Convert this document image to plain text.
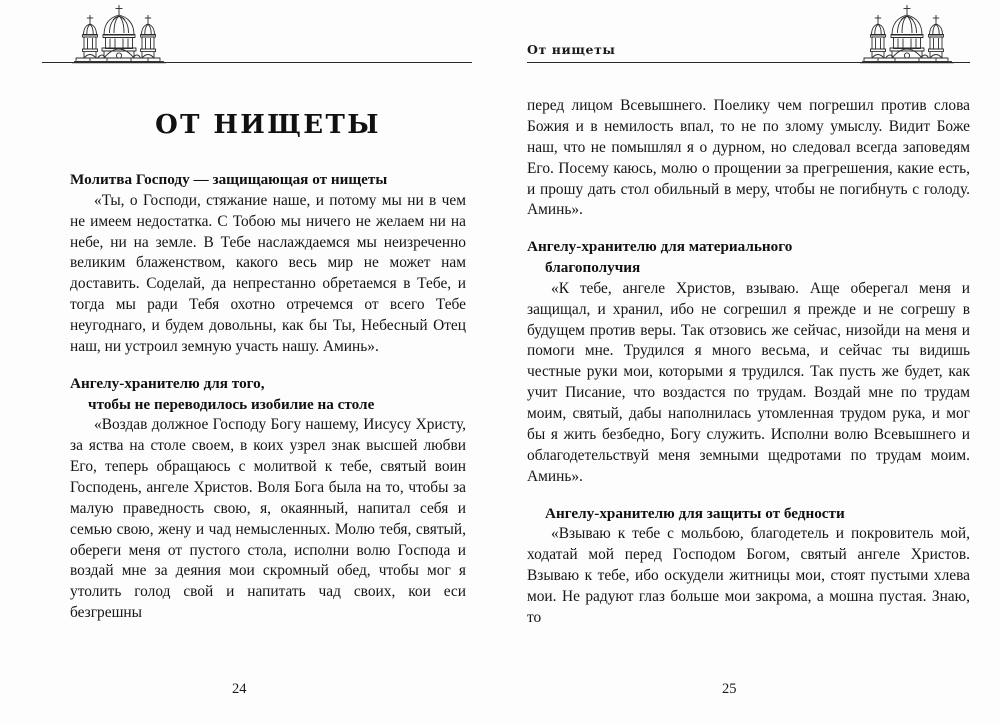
ОТ НИЩЕТЫ
Молитва Господу — защищающая от нищеты

«Ты, о Господи, стяжание наше, и потому мы ни в чем не имеем недостатка. С Тобою мы ничего не желаем ни на небе, ни на земле. В Тебе наслаждаемся мы неизреченно великим блаженством, какого весь мир не может нам доставить. Соделай, да непрестанно обретаемся в Тебе, и тогда мы ради Тебя охотно отречемся от всего Тебе неугоднаго, и будем довольны, как бы Ты, Небесный Отец наш, ни устроил земную участь нашу. Аминь».

Ангелу-хранителю для того,
чтобы не переводилось изобилие на столе

«Воздав должное Господу Богу нашему, Иисусу Христу, за яства на столе своем, в коих узрел знак высшей любви Его, теперь обращаюсь с молитвой к тебе, святый воин Господень, ангеле Христов. Воля Бога была на то, чтобы за малую праведность свою, я, окаянный, напитал себя и семью свою, жену и чад немысленных. Молю тебя, святый, обереги меня от пустого стола, исполни волю Господа и воздай мне за деяния мои скромный обед, чтобы мог я утолить голод свой и напитать чад своих, кои еси безгрешны

24
От нищеты

перед лицом Всевышнего. Поелику чем погрешил против слова Божия и в немилость впал, то не по злому умыслу. Видит Боже наш, что не помышлял я о дурном, но следовал всегда заповедям Его. Посему каюсь, молю о прощении за прегрешения, какие есть, и прошу дать стол обильный в меру, чтобы не погибнуть с голоду. Аминь».

Ангелу-хранителю для материального
благополучия

«К тебе, ангеле Христов, взываю. Аще оберегал меня и защищал, и хранил, ибо не согрешил я прежде и не согрешу в будущем против веры. Так отзовись же сейчас, низойди на меня и помоги мне. Трудился я много весьма, и сейчас ты видишь честные руки мои, которыми я трудился. Так пусть же будет, как учит Писание, что воздастся по трудам. Воздай мне по трудам моим, святый, дабы наполнилась утомленная трудом рука, и мог бы я жить безбедно, Богу служить. Исполни волю Всевышнего и облагодетельствуй меня земными щедротами по трудам моим. Аминь».

Ангелу-хранителю для защиты от бедности

«Взываю к тебе с мольбою, благодетель и покровитель мой, ходатай мой перед Господом Богом, святый ангеле Христов. Взываю к тебе, ибо оскудели житницы мои, стоят пустыми хлева мои. Не радуют глаз больше мои закрома, а мошна пустая. Знаю, то

25
